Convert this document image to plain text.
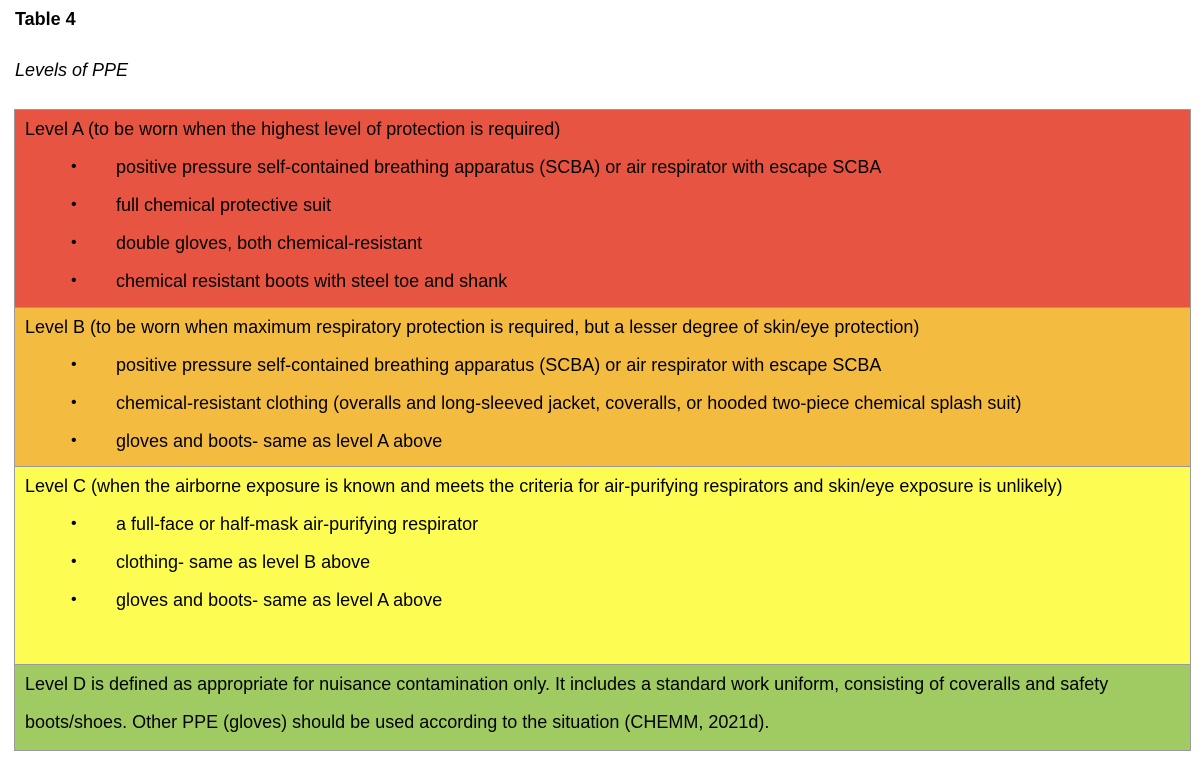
Table 4
Levels of PPE
Level A (to be worn when the highest level of protection is required)
• positive pressure self-contained breathing apparatus (SCBA) or air respirator with escape SCBA
• full chemical protective suit
• double gloves, both chemical-resistant
• chemical resistant boots with steel toe and shank
Level B (to be worn when maximum respiratory protection is required, but a lesser degree of skin/eye protection)
• positive pressure self-contained breathing apparatus (SCBA) or air respirator with escape SCBA
• chemical-resistant clothing (overalls and long-sleeved jacket, coveralls, or hooded two-piece chemical splash suit)
• gloves and boots- same as level A above
Level C (when the airborne exposure is known and meets the criteria for air-purifying respirators and skin/eye exposure is unlikely)
• a full-face or half-mask air-purifying respirator
• clothing- same as level B above
• gloves and boots- same as level A above
Level D is defined as appropriate for nuisance contamination only. It includes a standard work uniform, consisting of coveralls and safety boots/shoes. Other PPE (gloves) should be used according to the situation (CHEMM, 2021d).
